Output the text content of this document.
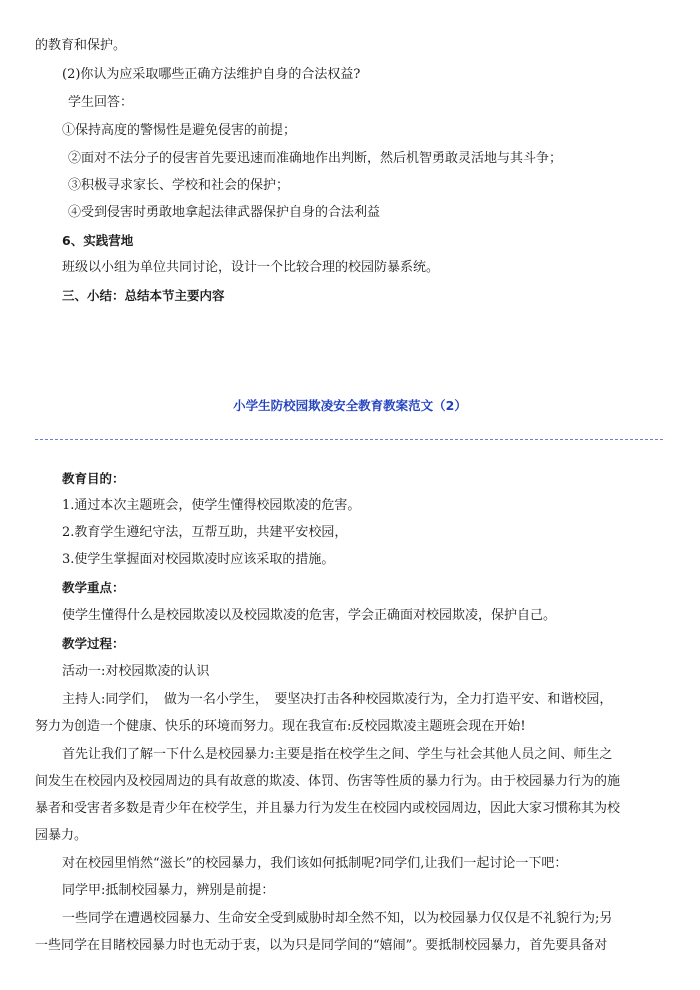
的教育和保护。
(2)你认为应采取哪些正确方法维护自身的合法权益?
学生回答：
①保持高度的警惕性是避免侵害的前提；
②面对不法分子的侵害首先要迅速而准确地作出判断，然后机智勇敢灵活地与其斗争；
③积极寻求家长、学校和社会的保护；
④受到侵害时勇敢地拿起法律武器保护自身的合法利益
6、实践营地
班级以小组为单位共同讨论，设计一个比较合理的校园防暴系统。
三、小结：总结本节主要内容
小学生防校园欺凌安全教育教案范文（2）
教育目的：
1.通过本次主题班会，使学生懂得校园欺凌的危害。
2.教育学生遵纪守法，互帮互助，共建平安校园，
3.使学生掌握面对校园欺凌时应该采取的措施。
教学重点：
使学生懂得什么是校园欺凌以及校园欺凌的危害，学会正确面对校园欺凌，保护自己。
教学过程：
活动一:对校园欺凌的认识
主持人:同学们，　做为一名小学生，　要坚决打击各种校园欺凌行为，全力打造平安、和谐校园，
努力为创造一个健康、快乐的环境而努力。现在我宣布:反校园欺凌主题班会现在开始!
首先让我们了解一下什么是校园暴力:主要是指在校学生之间、学生与社会其他人员之间、师生之
间发生在校园内及校园周边的具有故意的欺凌、体罚、伤害等性质的暴力行为。由于校园暴力行为的施
暴者和受害者多数是青少年在校学生，并且暴力行为发生在校园内或校园周边，因此大家习惯称其为校
园暴力。
对在校园里悄然“滋长”的校园暴力，我们该如何抵制呢?同学们,让我们一起讨论一下吧：
同学甲:抵制校园暴力，辨别是前提：
一些同学在遭遇校园暴力、生命安全受到威胁时却全然不知，以为校园暴力仅仅是不礼貌行为;另
一些同学在目睹校园暴力时也无动于衷，以为只是同学间的“嬉闹”。要抵制校园暴力，首先要具备对
